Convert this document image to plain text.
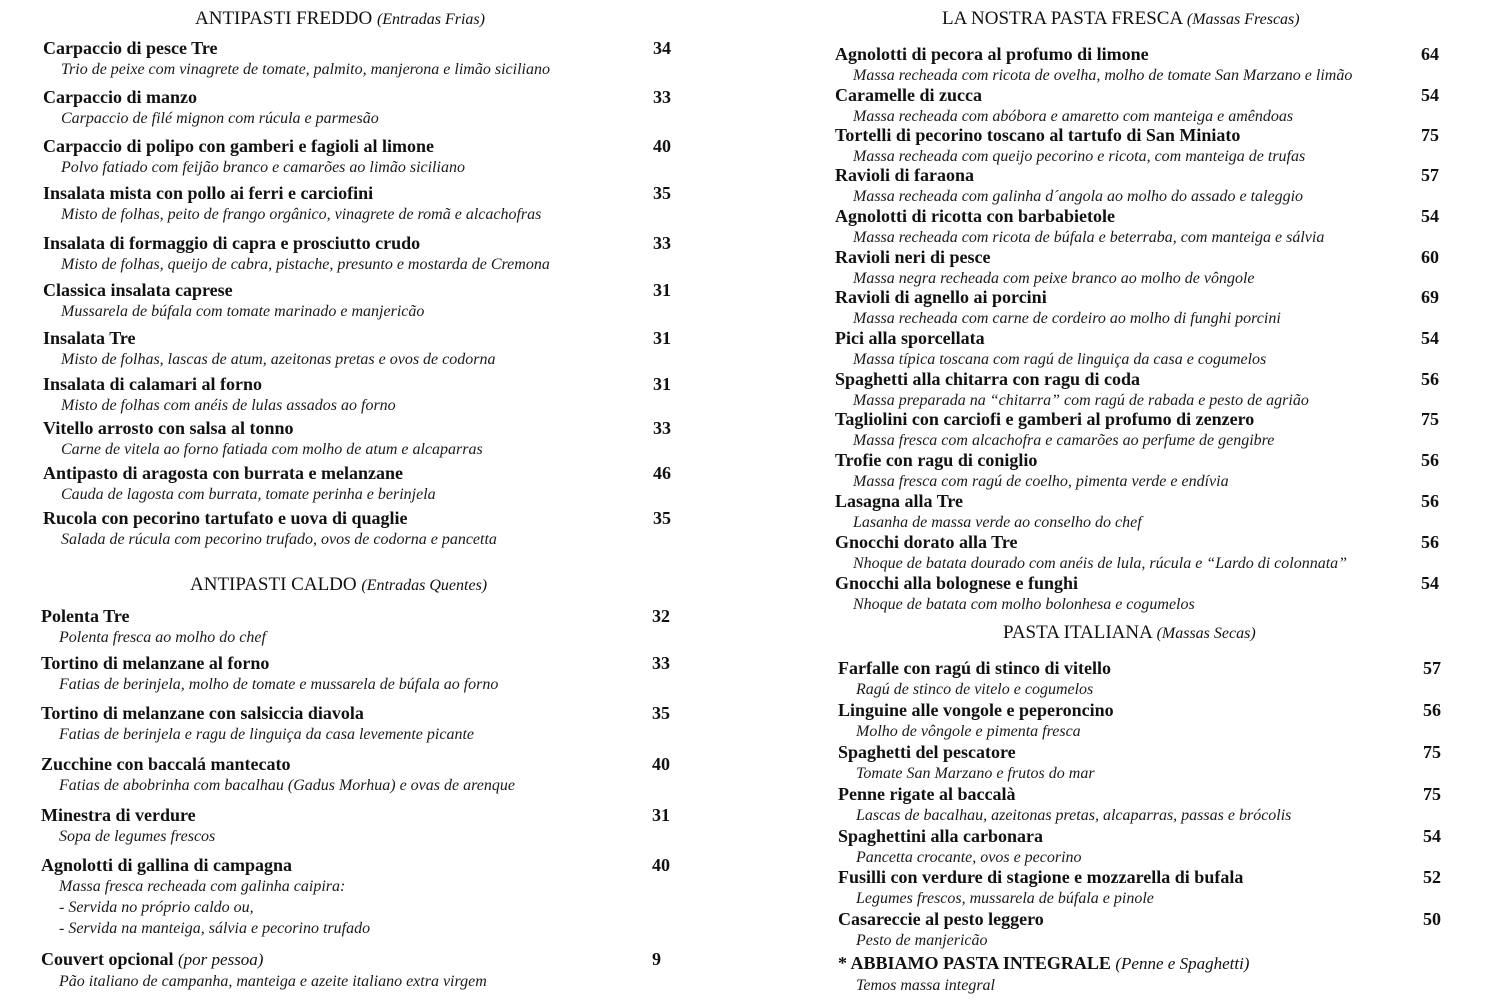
ANTIPASTI FREDDO (Entradas Frias)
Carpaccio di pesce Tre	34
Trio de peixe com vinagrete de tomate, palmito, manjerona e limão siciliano
Carpaccio di manzo	33
Carpaccio de filé mignon com rúcula e parmesão
Carpaccio di polipo con gamberi e fagioli al limone	40
Polvo fatiado com feijão branco e camarões ao limão siciliano
Insalata mista con pollo ai ferri e carciofini	35
Misto de folhas, peito de frango orgânico, vinagrete de romã e alcachofras
Insalata di formaggio di capra e prosciutto crudo	33
Misto de folhas, queijo de cabra, pistache, presunto e mostarda de Cremona
Classica insalata caprese	31
Mussarela de búfala com tomate marinado e manjericão
Insalata Tre	31
Misto de folhas, lascas de atum, azeitonas pretas e ovos de codorna
Insalata di calamari al forno	31
Misto de folhas com anéis de lulas assados ao forno
Vitello arrosto con salsa al tonno	33
Carne de vitela ao forno fatiada com molho de atum e alcaparras
Antipasto di aragosta con burrata e melanzane	46
Cauda de lagosta com burrata, tomate perinha e berinjela
Rucola con pecorino tartufato e uova di quaglie	35
Salada de rúcula com pecorino trufado, ovos de codorna e pancetta
ANTIPASTI CALDO (Entradas Quentes)
Polenta Tre	32
Polenta fresca ao molho do chef
Tortino di melanzane al forno	33
Fatias de berinjela, molho de tomate e mussarela de búfala ao forno
Tortino di melanzane con salsiccia diavola	35
Fatias de berinjela e ragu de linguiça da casa levemente picante
Zucchine con baccalá mantecato	40
Fatias de abobrinha com bacalhau (Gadus Morhua) e ovas de arenque
Minestra di verdure	31
Sopa de legumes frescos
Agnolotti di gallina di campagna	40
Massa fresca recheada com galinha caipira:
- Servida no próprio caldo ou,
- Servida na manteiga, sálvia e pecorino trufado
Couvert opcional (por pessoa)	9
Pão italiano de campanha, manteiga e azeite italiano extra virgem
LA NOSTRA PASTA FRESCA (Massas Frescas)
Agnolotti di pecora al profumo di limone	64
Massa recheada com ricota de ovelha, molho de tomate San Marzano e limão
Caramelle di zucca	54
Massa recheada com abóbora e amaretto com manteiga e amêndoas
Tortelli di pecorino toscano al tartufo di San Miniato	75
Massa recheada com queijo pecorino e ricota, com manteiga de trufas
Ravioli di faraona	57
Massa recheada com galinha d´angola ao molho do assado e taleggio
Agnolotti di ricotta con barbabietole	54
Massa recheada com ricota de búfala e beterraba, com manteiga e sálvia
Ravioli neri di pesce	60
Massa negra recheada com peixe branco ao molho de vôngole
Ravioli di agnello ai porcini	69
Massa recheada com carne de cordeiro ao molho di funghi porcini
Pici alla sporcellata	54
Massa típica toscana com ragú de linguiça da casa e cogumelos
Spaghetti alla chitarra con ragu di coda	56
Massa preparada na “chitarra” com ragú de rabada e pesto de agrião
Tagliolini con carciofi e gamberi al profumo di zenzero	75
Massa fresca com alcachofra e camarões ao perfume de gengibre
Trofie con ragu di coniglio	56
Massa fresca com ragú de coelho, pimenta verde e endívia
Lasagna alla Tre	56
Lasanha de massa verde ao conselho do chef
Gnocchi dorato alla Tre	56
Nhoque de batata dourado com anéis de lula, rúcula e “Lardo di colonnata”
Gnocchi alla bolognese e funghi	54
Nhoque de batata com molho bolonhesa e cogumelos
PASTA ITALIANA (Massas Secas)
Farfalle con ragú di stinco di vitello	57
Ragú de stinco de vitelo e cogumelos
Linguine alle vongole e peperoncino	56
Molho de vôngole e pimenta fresca
Spaghetti del pescatore	75
Tomate San Marzano e frutos do mar
Penne rigate al baccalà	75
Lascas de bacalhau, azeitonas pretas, alcaparras, passas e brócolis
Spaghettini alla carbonara	54
Pancetta crocante, ovos e pecorino
Fusilli con verdure di stagione e mozzarella di bufala	52
Legumes frescos, mussarela de búfala e pinole
Casareccie al pesto leggero	50
Pesto de manjericão
* ABBIAMO PASTA INTEGRALE (Penne e Spaghetti)
Temos massa integral
